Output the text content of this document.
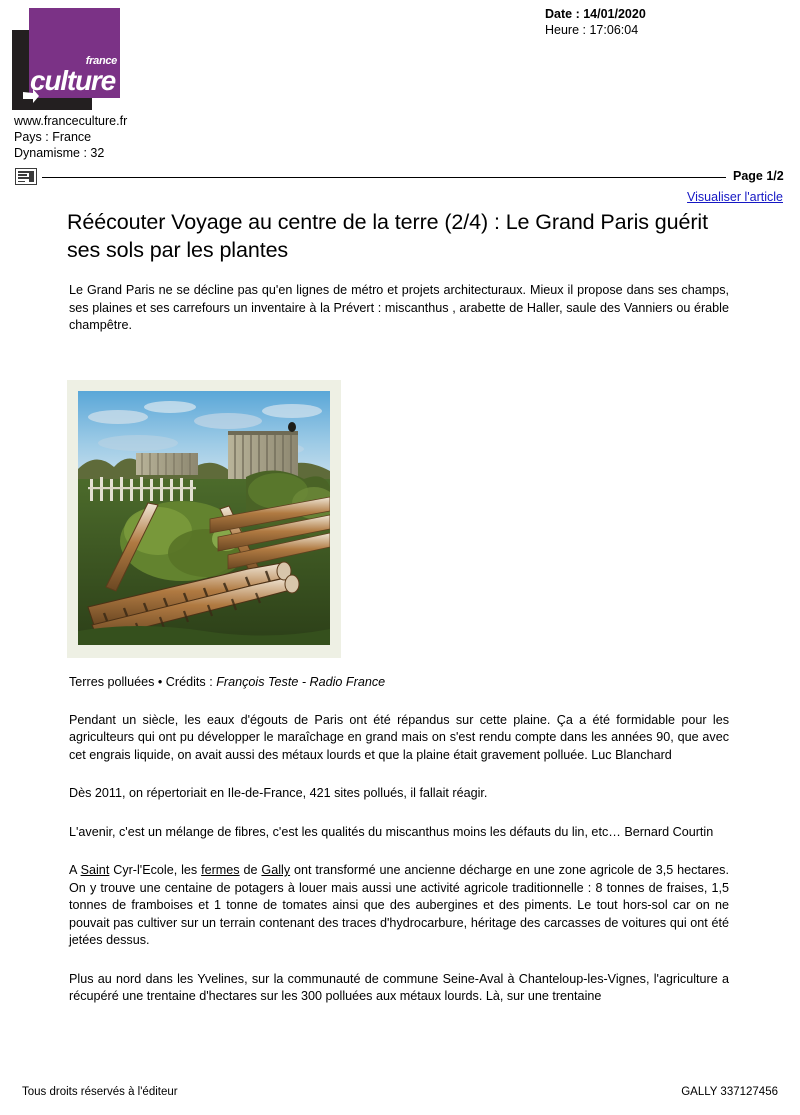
france
culture
www.franceculture.fr
Pays : France
Dynamisme : 32
Date : 14/01/2020
Heure : 17:06:04
Page 1/2
Visualiser l'article
Réécouter Voyage au centre de la terre (2/4) : Le Grand Paris guérit ses sols par les plantes

Le Grand Paris ne se décline pas qu'en lignes de métro et projets architecturaux. Mieux il propose dans ses champs, ses plaines et ses carrefours un inventaire à la Prévert : miscanthus , arabette de Haller, saule des Vanniers ou érable champêtre.

Terres polluées • Crédits : François Teste - Radio France

Pendant un siècle, les eaux d'égouts de Paris ont été répandus sur cette plaine. Ça a été formidable pour les agriculteurs qui ont pu développer le maraîchage en grand mais on s'est rendu compte dans les années 90, que avec cet engrais liquide, on avait aussi des métaux lourds et que la plaine était gravement polluée. Luc Blanchard

Dès 2011, on répertoriait en Ile-de-France, 421 sites pollués, il fallait réagir.

L'avenir, c'est un mélange de fibres, c'est les qualités du miscanthus moins les défauts du lin, etc… Bernard Courtin

A Saint Cyr-l'Ecole, les fermes de Gally ont transformé une ancienne décharge en une zone agricole de 3,5 hectares. On y trouve une centaine de potagers à louer mais aussi une activité agricole traditionnelle : 8 tonnes de fraises, 1,5 tonnes de framboises et 1 tonne de tomates ainsi que des aubergines et des piments. Le tout hors-sol car on ne pouvait pas cultiver sur un terrain contenant des traces d'hydrocarbure, héritage des carcasses de voitures qui ont été jetées dessus.

Plus au nord dans les Yvelines, sur la communauté de commune Seine-Aval à Chanteloup-les-Vignes, l'agriculture a récupéré une trentaine d'hectares sur les 300 polluées aux métaux lourds. Là, sur une trentaine

Tous droits réservés à l'éditeur	GALLY 337127456
